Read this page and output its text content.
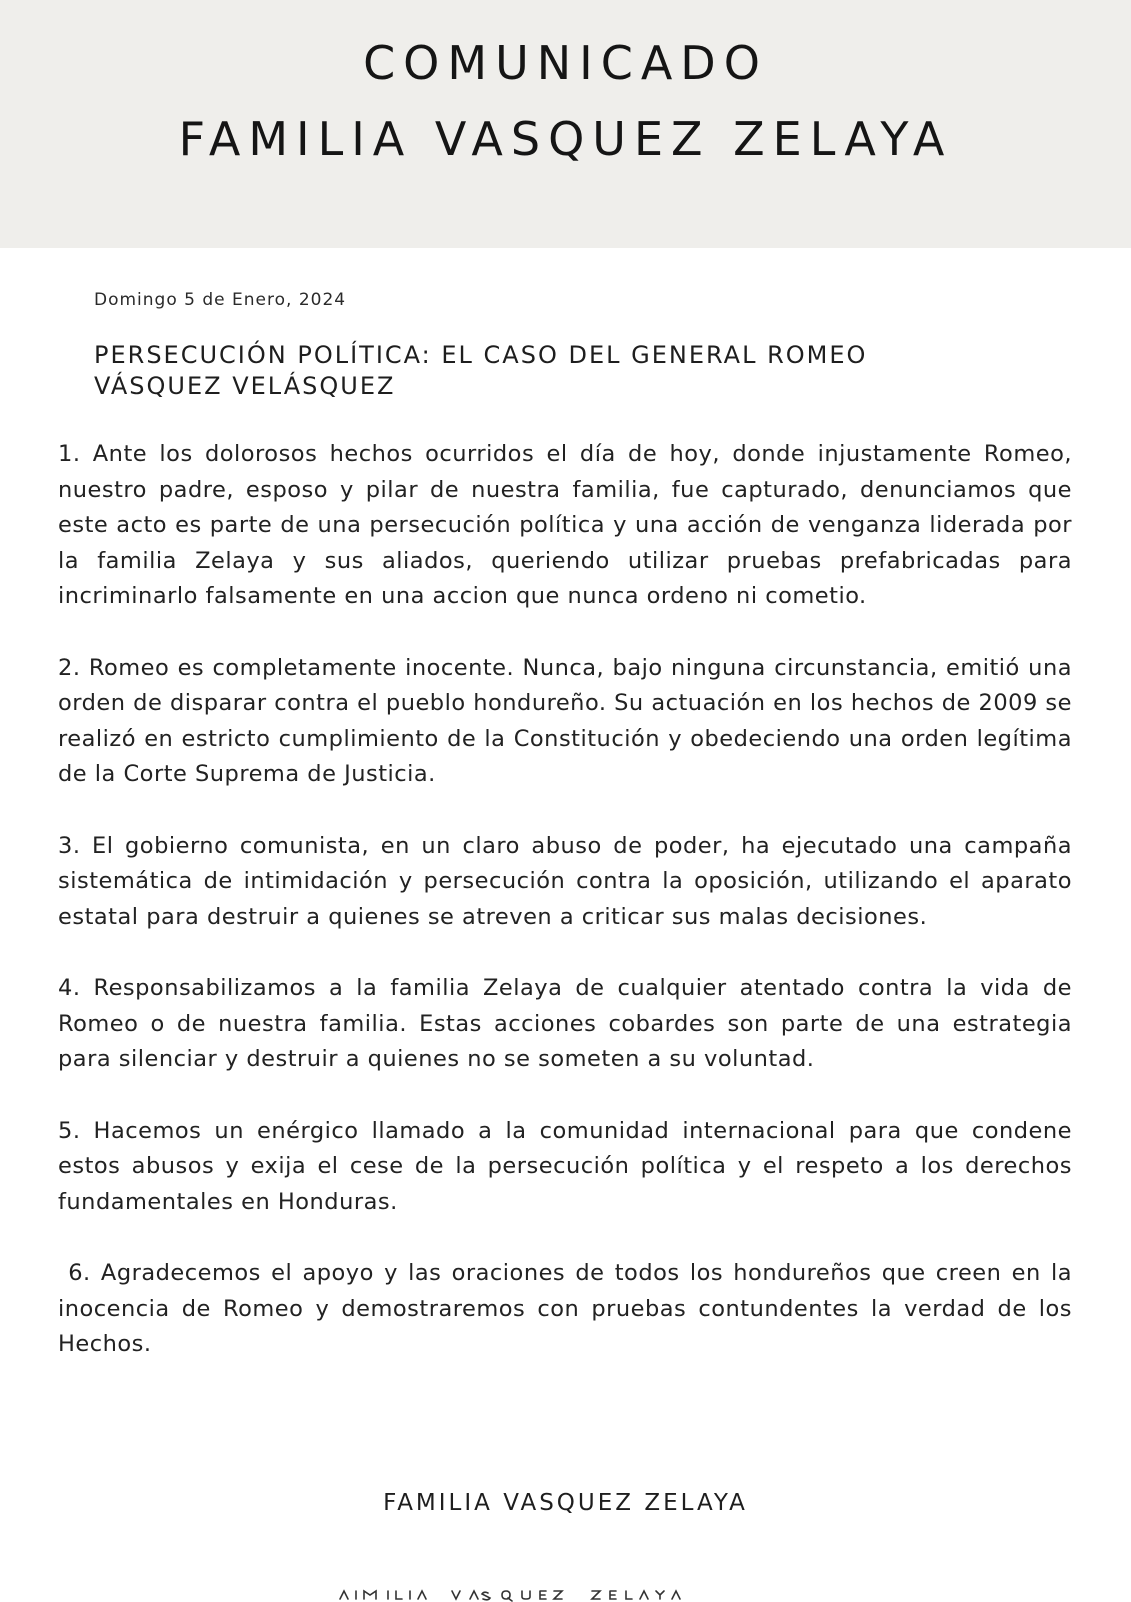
COMUNICADO
FAMILIA VASQUEZ ZELAYA
Domingo 5 de Enero, 2024
PERSECUCIÓN POLÍTICA: EL CASO DEL GENERAL ROMEO VÁSQUEZ VELÁSQUEZ

1. Ante los dolorosos hechos ocurridos el día de hoy, donde injustamente Romeo, nuestro padre, esposo y pilar de nuestra familia, fue capturado, denunciamos que este acto es parte de una persecución política y una acción de venganza liderada por la familia Zelaya y sus aliados, queriendo utilizar pruebas prefabricadas para incriminarlo falsamente en una accion que nunca ordeno ni cometio.

2. Romeo es completamente inocente. Nunca, bajo ninguna circunstancia, emitió una orden de disparar contra el pueblo hondureño. Su actuación en los hechos de 2009 se realizó en estricto cumplimiento de la Constitución y obedeciendo una orden legítima de la Corte Suprema de Justicia.

3. El gobierno comunista, en un claro abuso de poder, ha ejecutado una campaña sistemática de intimidación y persecución contra la oposición, utilizando el aparato estatal para destruir a quienes se atreven a criticar sus malas decisiones.

4. Responsabilizamos a la familia Zelaya de cualquier atentado contra la vida de Romeo o de nuestra familia. Estas acciones cobardes son parte de una estrategia para silenciar y destruir a quienes no se someten a su voluntad.

5. Hacemos un enérgico llamado a la comunidad internacional para que condene estos abusos y exija el cese de la persecución política y el respeto a los derechos fundamentales en Honduras.

6. Agradecemos el apoyo y las oraciones de todos los hondureños que creen en la inocencia de Romeo y demostraremos con pruebas contundentes la verdad de los Hechos.

FAMILIA VASQUEZ ZELAYA
